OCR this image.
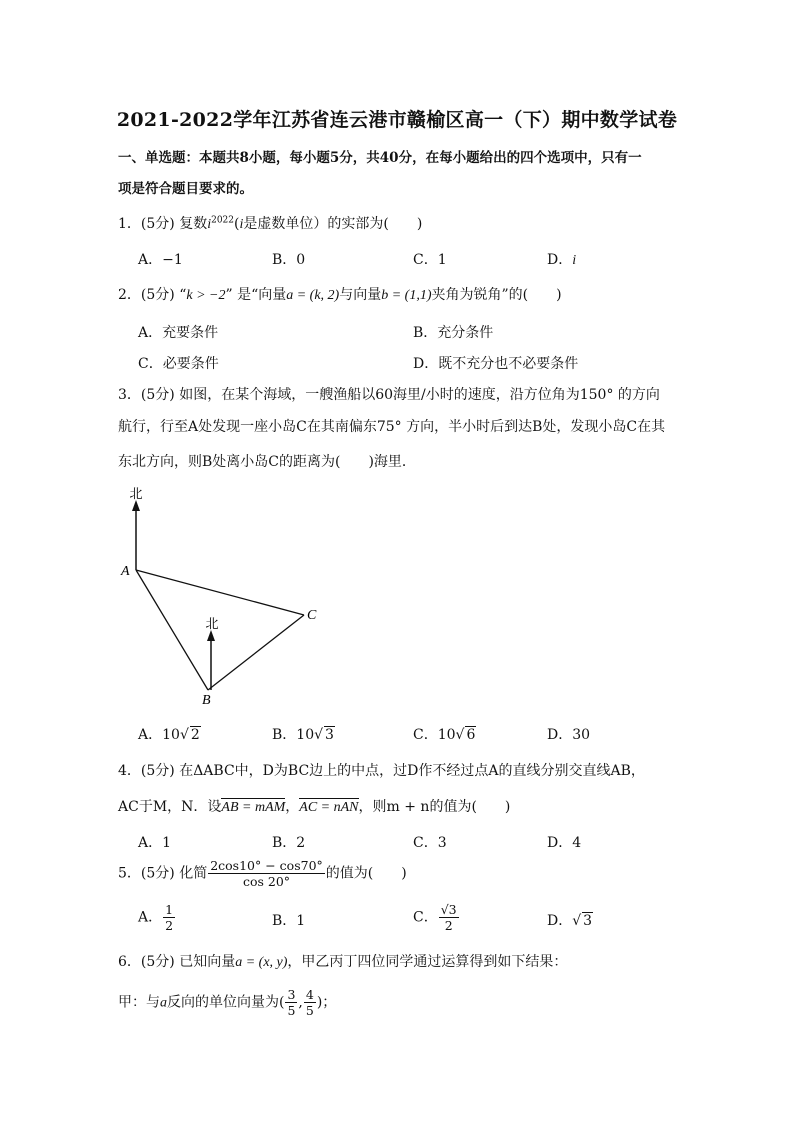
2021-2022学年江苏省连云港市赣榆区高一（下）期中数学试卷
一、单选题：本题共8小题，每小题5分，共40分，在每小题给出的四个选项中，只有一
项是符合题目要求的。
1．(5分) 复数$i^{2022}(i$是虚数单位）的实部为(　　)
A．−1	B．0	C．1	D．i
2．(5分) “k > −2” 是“向量a = (k, 2)与向量b = (1,1)夹角为锐角”的(　　)
A．充要条件	B．充分条件
C．必要条件	D．既不充分也不必要条件
3．(5分) 如图，在某个海域，一艘渔船以60海里/小时的速度，沿方位角为150° 的方向
航行，行至A处发现一座小岛C在其南偏东75° 方向，半小时后到达B处，发现小岛C在其
东北方向，则B处离小岛C的距离为(　　)海里．
北
北
A
B
C
A．10√ 2	B．10√ 3	C．10√ 6	D．30
4．(5分) 在ΔABC中，D为BC边上的中点，过D作不经过点A的直线分别交直线AB，
AC于M，N．设AB = mAM，AC = nAN，则m + n的值为(　　)
A．1	B．2	C．3	D．4
5．(5分) 化简 $\frac{2\cos 10^\circ - \cos 70^\circ}{\cos 20^\circ}$ 的值为(　　)
A． $\frac{1}{2}$	B．1	C． $\frac{√3}{2}$	D．√ 3
6．(5分) 已知向量a = (x, y)，甲乙丙丁四位同学通过运算得到如下结果：
甲：与a反向的单位向量为( $\frac{3}{5}$ , $\frac{4}{5}$ )；
